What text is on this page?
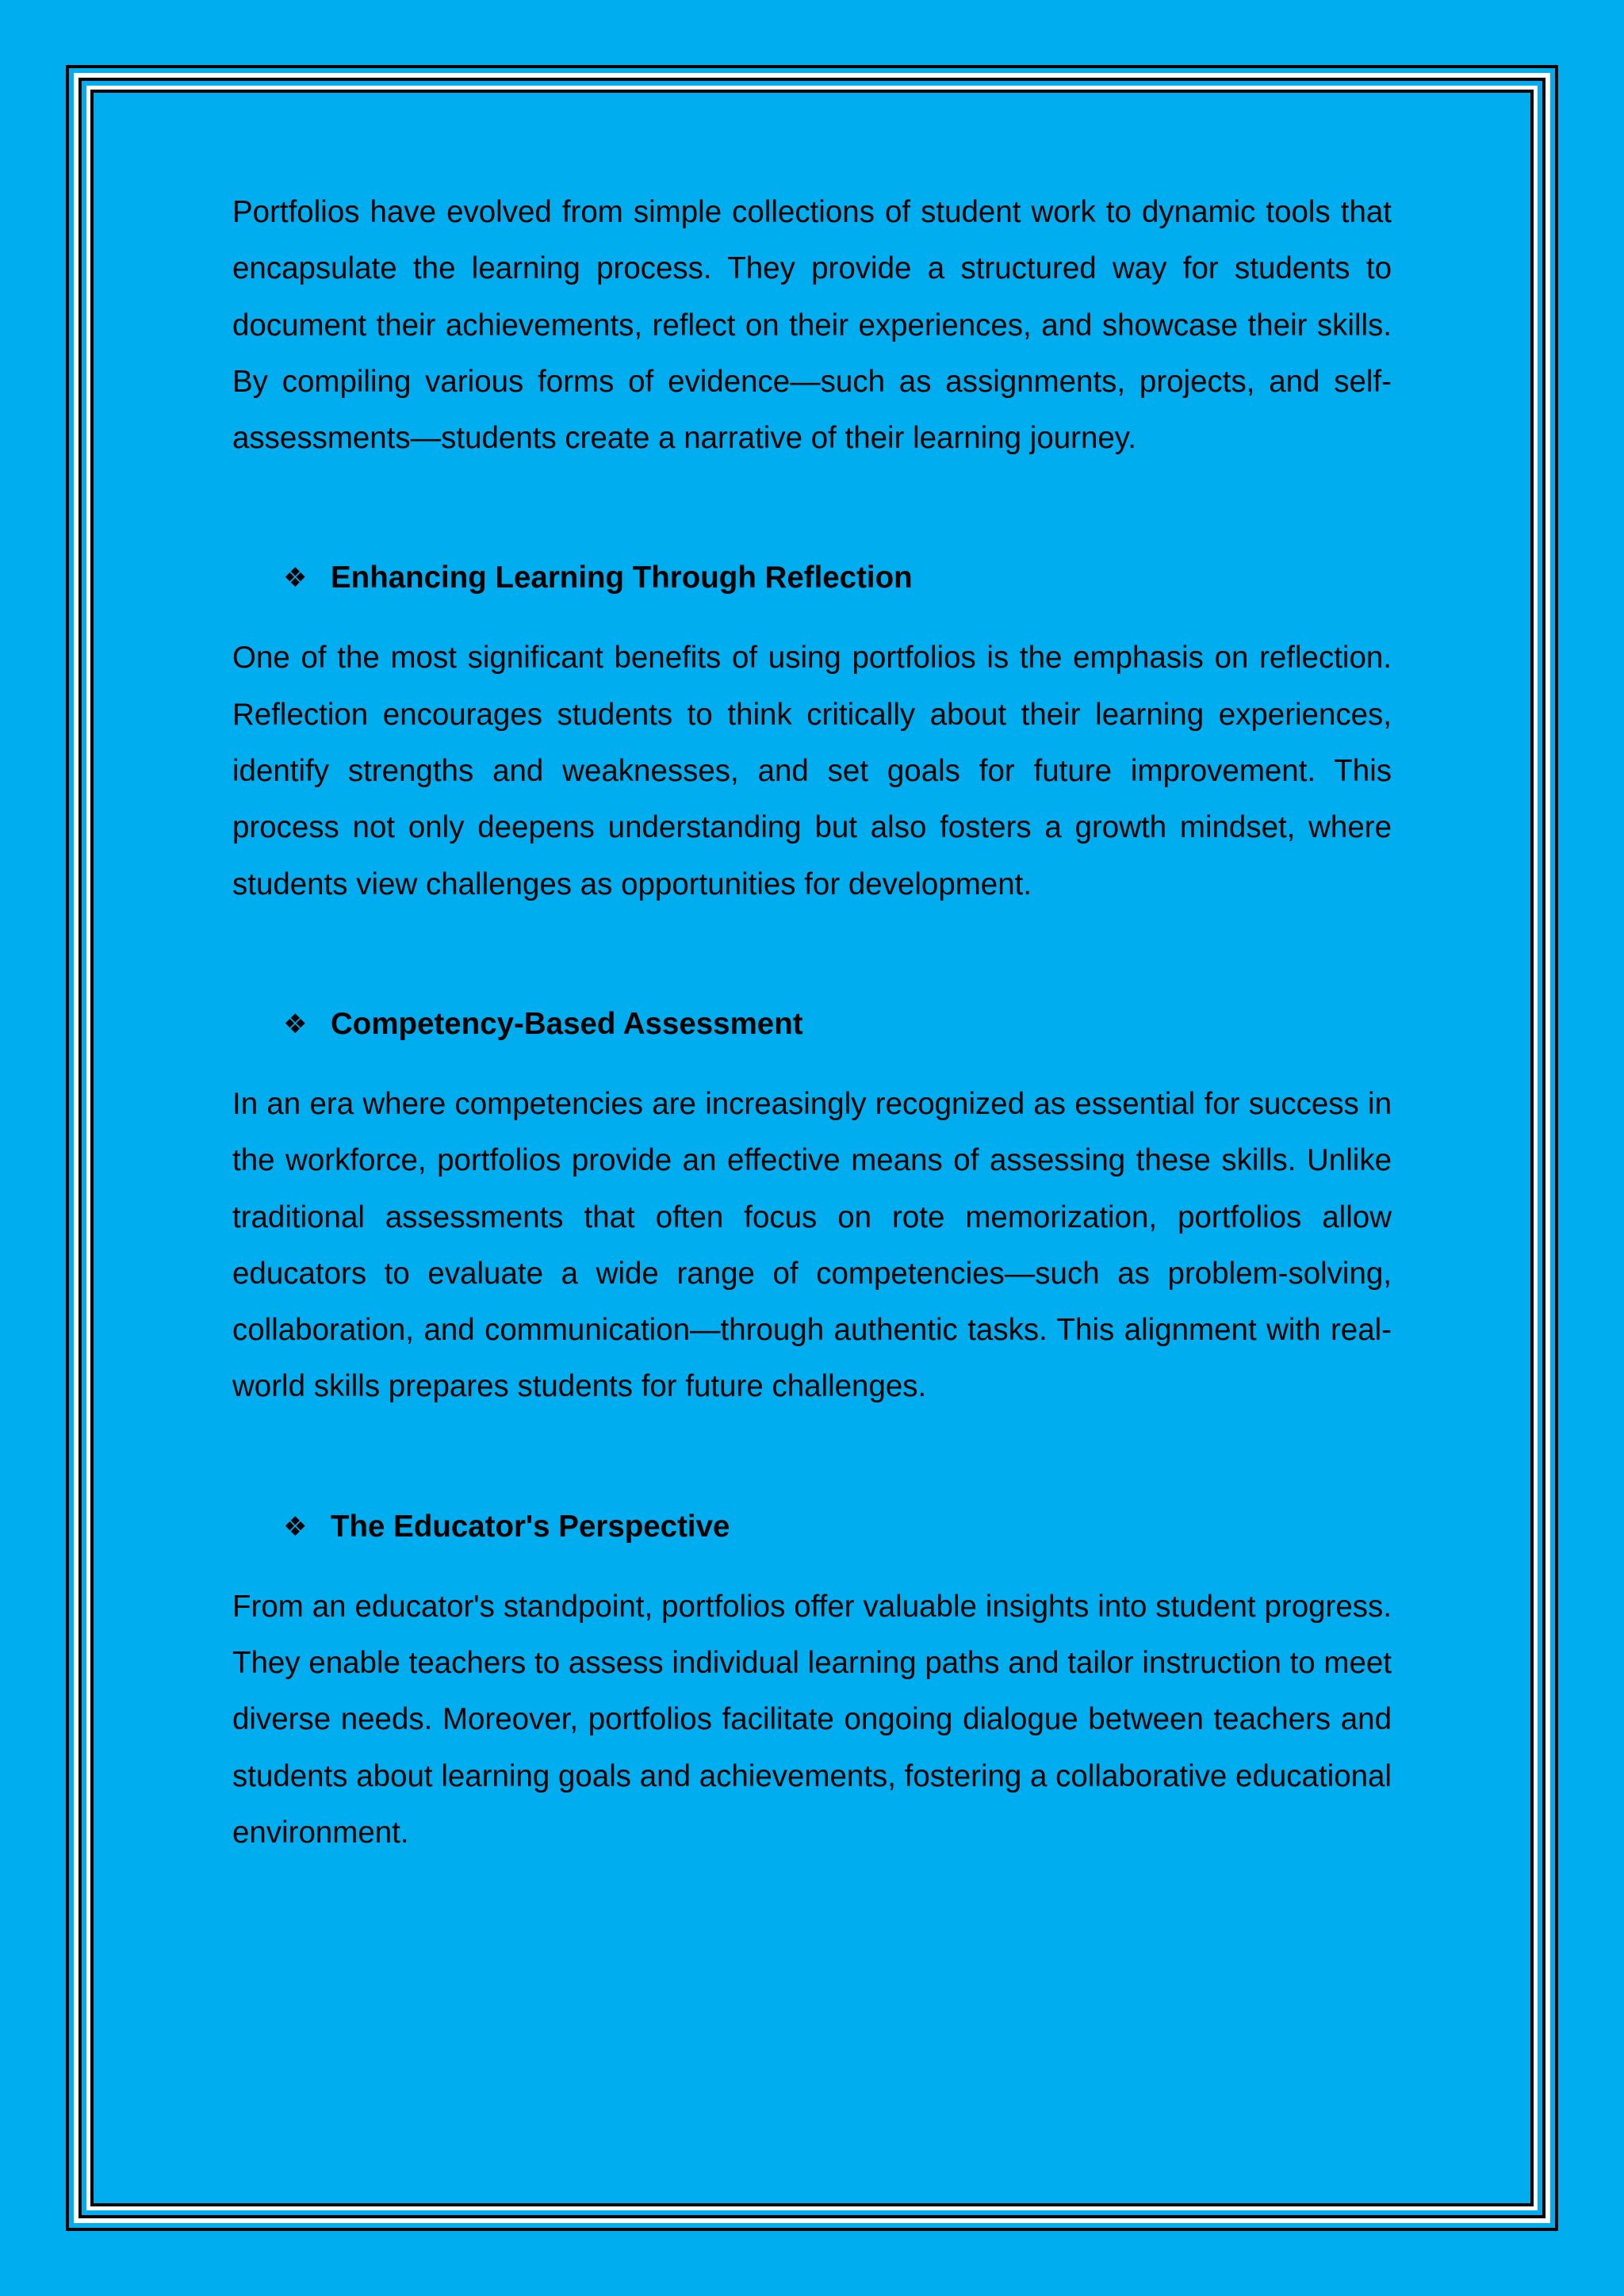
Portfolios have evolved from simple collections of student work to dynamic tools that encapsulate the learning process. They provide a structured way for students to document their achievements, reflect on their experiences, and showcase their skills. By compiling various forms of evidence—such as assignments, projects, and self-assessments—students create a narrative of their learning journey.

❖ Enhancing Learning Through Reflection

One of the most significant benefits of using portfolios is the emphasis on reflection. Reflection encourages students to think critically about their learning experiences, identify strengths and weaknesses, and set goals for future improvement. This process not only deepens understanding but also fosters a growth mindset, where students view challenges as opportunities for development.

❖ Competency-Based Assessment

In an era where competencies are increasingly recognized as essential for success in the workforce, portfolios provide an effective means of assessing these skills. Unlike traditional assessments that often focus on rote memorization, portfolios allow educators to evaluate a wide range of competencies—such as problem-solving, collaboration, and communication—through authentic tasks. This alignment with real-world skills prepares students for future challenges.

❖ The Educator's Perspective

From an educator's standpoint, portfolios offer valuable insights into student progress. They enable teachers to assess individual learning paths and tailor instruction to meet diverse needs. Moreover, portfolios facilitate ongoing dialogue between teachers and students about learning goals and achievements, fostering a collaborative educational environment.
